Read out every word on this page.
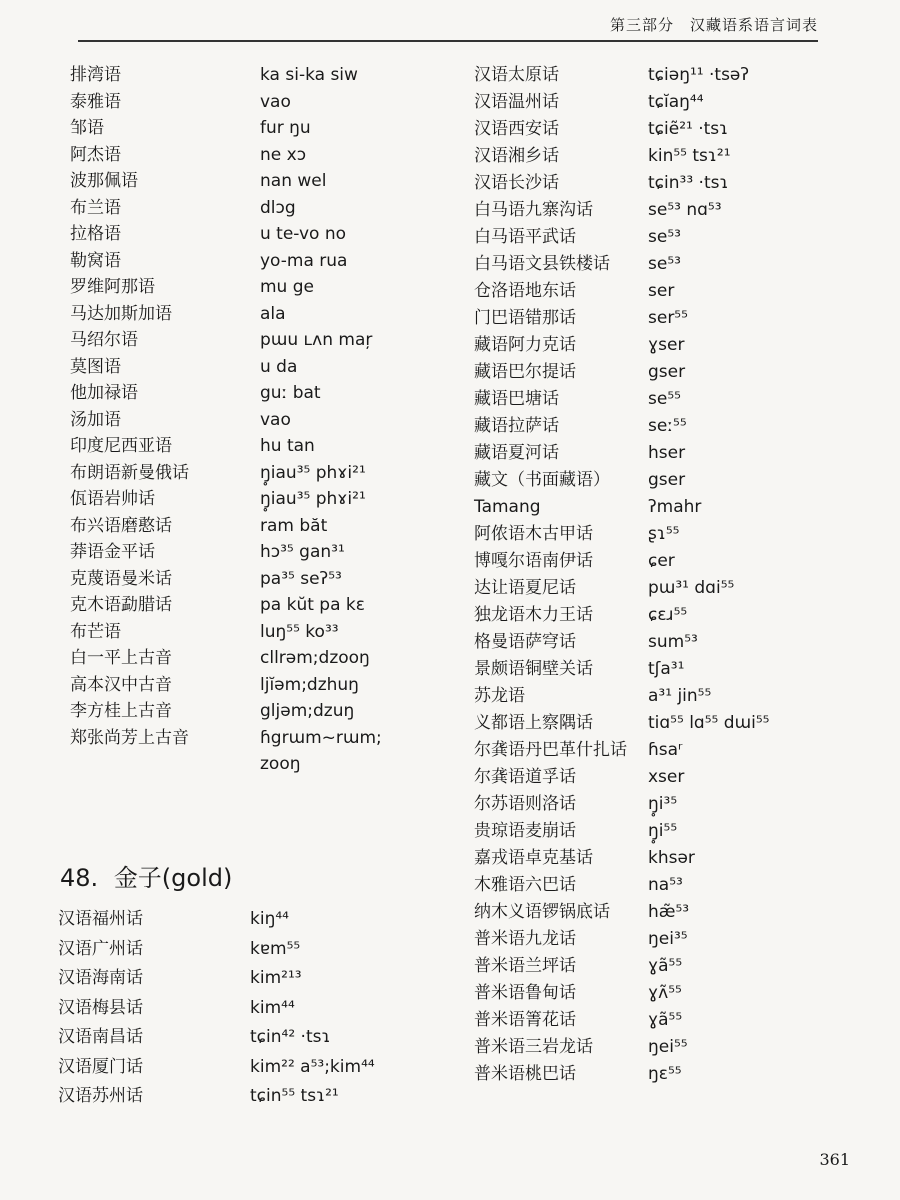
第三部分　汉藏语系语言词表
排湾语	ka si-ka siw
泰雅语	vao
邹语	fur ŋu
阿杰语	ne xɔ
波那佩语	nan wel
布兰语	dlɔg
拉格语	u te-vo no
勒窝语	yo-ma rua
罗维阿那语	mu ge
马达加斯加语	ala
马绍尔语	pɯu ʟʌn maŗ
莫图语	u da
他加禄语	guː bat
汤加语	vao
印度尼西亚语	hu tan
布朗语新曼俄话	ŋ̥iau³⁵ phɤi²¹
佤语岩帅话	ŋ̥iau³⁵ phɤi²¹
布兴语磨憨话	ram băt
莽语金平话	hɔ³⁵ gan³¹
克蔑语曼米话	pa³⁵ seʔ⁵³
克木语勐腊话	pa kŭt pa kɛ
布芒语	luŋ⁵⁵ ko³³
白一平上古音	cllrəm;dzooŋ
高本汉中古音	ljĭəm;dzhuŋ
李方桂上古音	gljəm;dzuŋ
郑张尚芳上古音	ɦgrɯm~rɯm;
zooŋ
48. 金子(gold)
汉语福州话	kiŋ⁴⁴
汉语广州话	kɐm⁵⁵
汉语海南话	kim²¹³
汉语梅县话	kim⁴⁴
汉语南昌话	tɕin⁴² ·tsɿ
汉语厦门话	kim²² a⁵³;kim⁴⁴
汉语苏州话	tɕin⁵⁵ tsɿ²¹
汉语太原话	tɕiəŋ¹¹ ·tsəʔ
汉语温州话	tɕĭaŋ⁴⁴
汉语西安话	tɕiẽ²¹ ·tsɿ
汉语湘乡话	kin⁵⁵ tsɿ²¹
汉语长沙话	tɕin³³ ·tsɿ
白马语九寨沟话	se⁵³ nɑ⁵³
白马语平武话	se⁵³
白马语文县铁楼话 se⁵³
仓洛语地东话	ser
门巴语错那话	ser⁵⁵
藏语阿力克话	ɣser
藏语巴尔提话	gser
藏语巴塘话	se⁵⁵
藏语拉萨话	seː⁵⁵
藏语夏河话	hser
藏文（书面藏语） gser
Tamang	ʔmahr
阿侬语木古甲话	ʂɿ⁵⁵
博嘎尔语南伊话	ɕer
达让语夏尼话	pɯ³¹ dɑi⁵⁵
独龙语木力王话	ɕɛɹ⁵⁵
格曼语萨穹话	sum⁵³
景颇语铜壁关话	tʃa³¹
苏龙语	a³¹ jin⁵⁵
义都语上察隅话	tiɑ⁵⁵ lɑ⁵⁵ dɯi⁵⁵
尔龚语丹巴革什扎话 ɦsaʳ
尔龚语道孚话	xser
尔苏语则洛话	ŋ̥i³⁵
贵琼语麦崩话	ŋ̥i⁵⁵
嘉戎语卓克基话	khsər
木雅语六巴话	na⁵³
纳木义语锣锅底话 hæ̃⁵³
普米语九龙话	ŋei³⁵
普米语兰坪话	ɣã⁵⁵
普米语鲁甸话	ɣʌ̃⁵⁵
普米语箐花话	ɣã⁵⁵
普米语三岩龙话	ŋei⁵⁵
普米语桃巴话	ŋɛ⁵⁵
361
